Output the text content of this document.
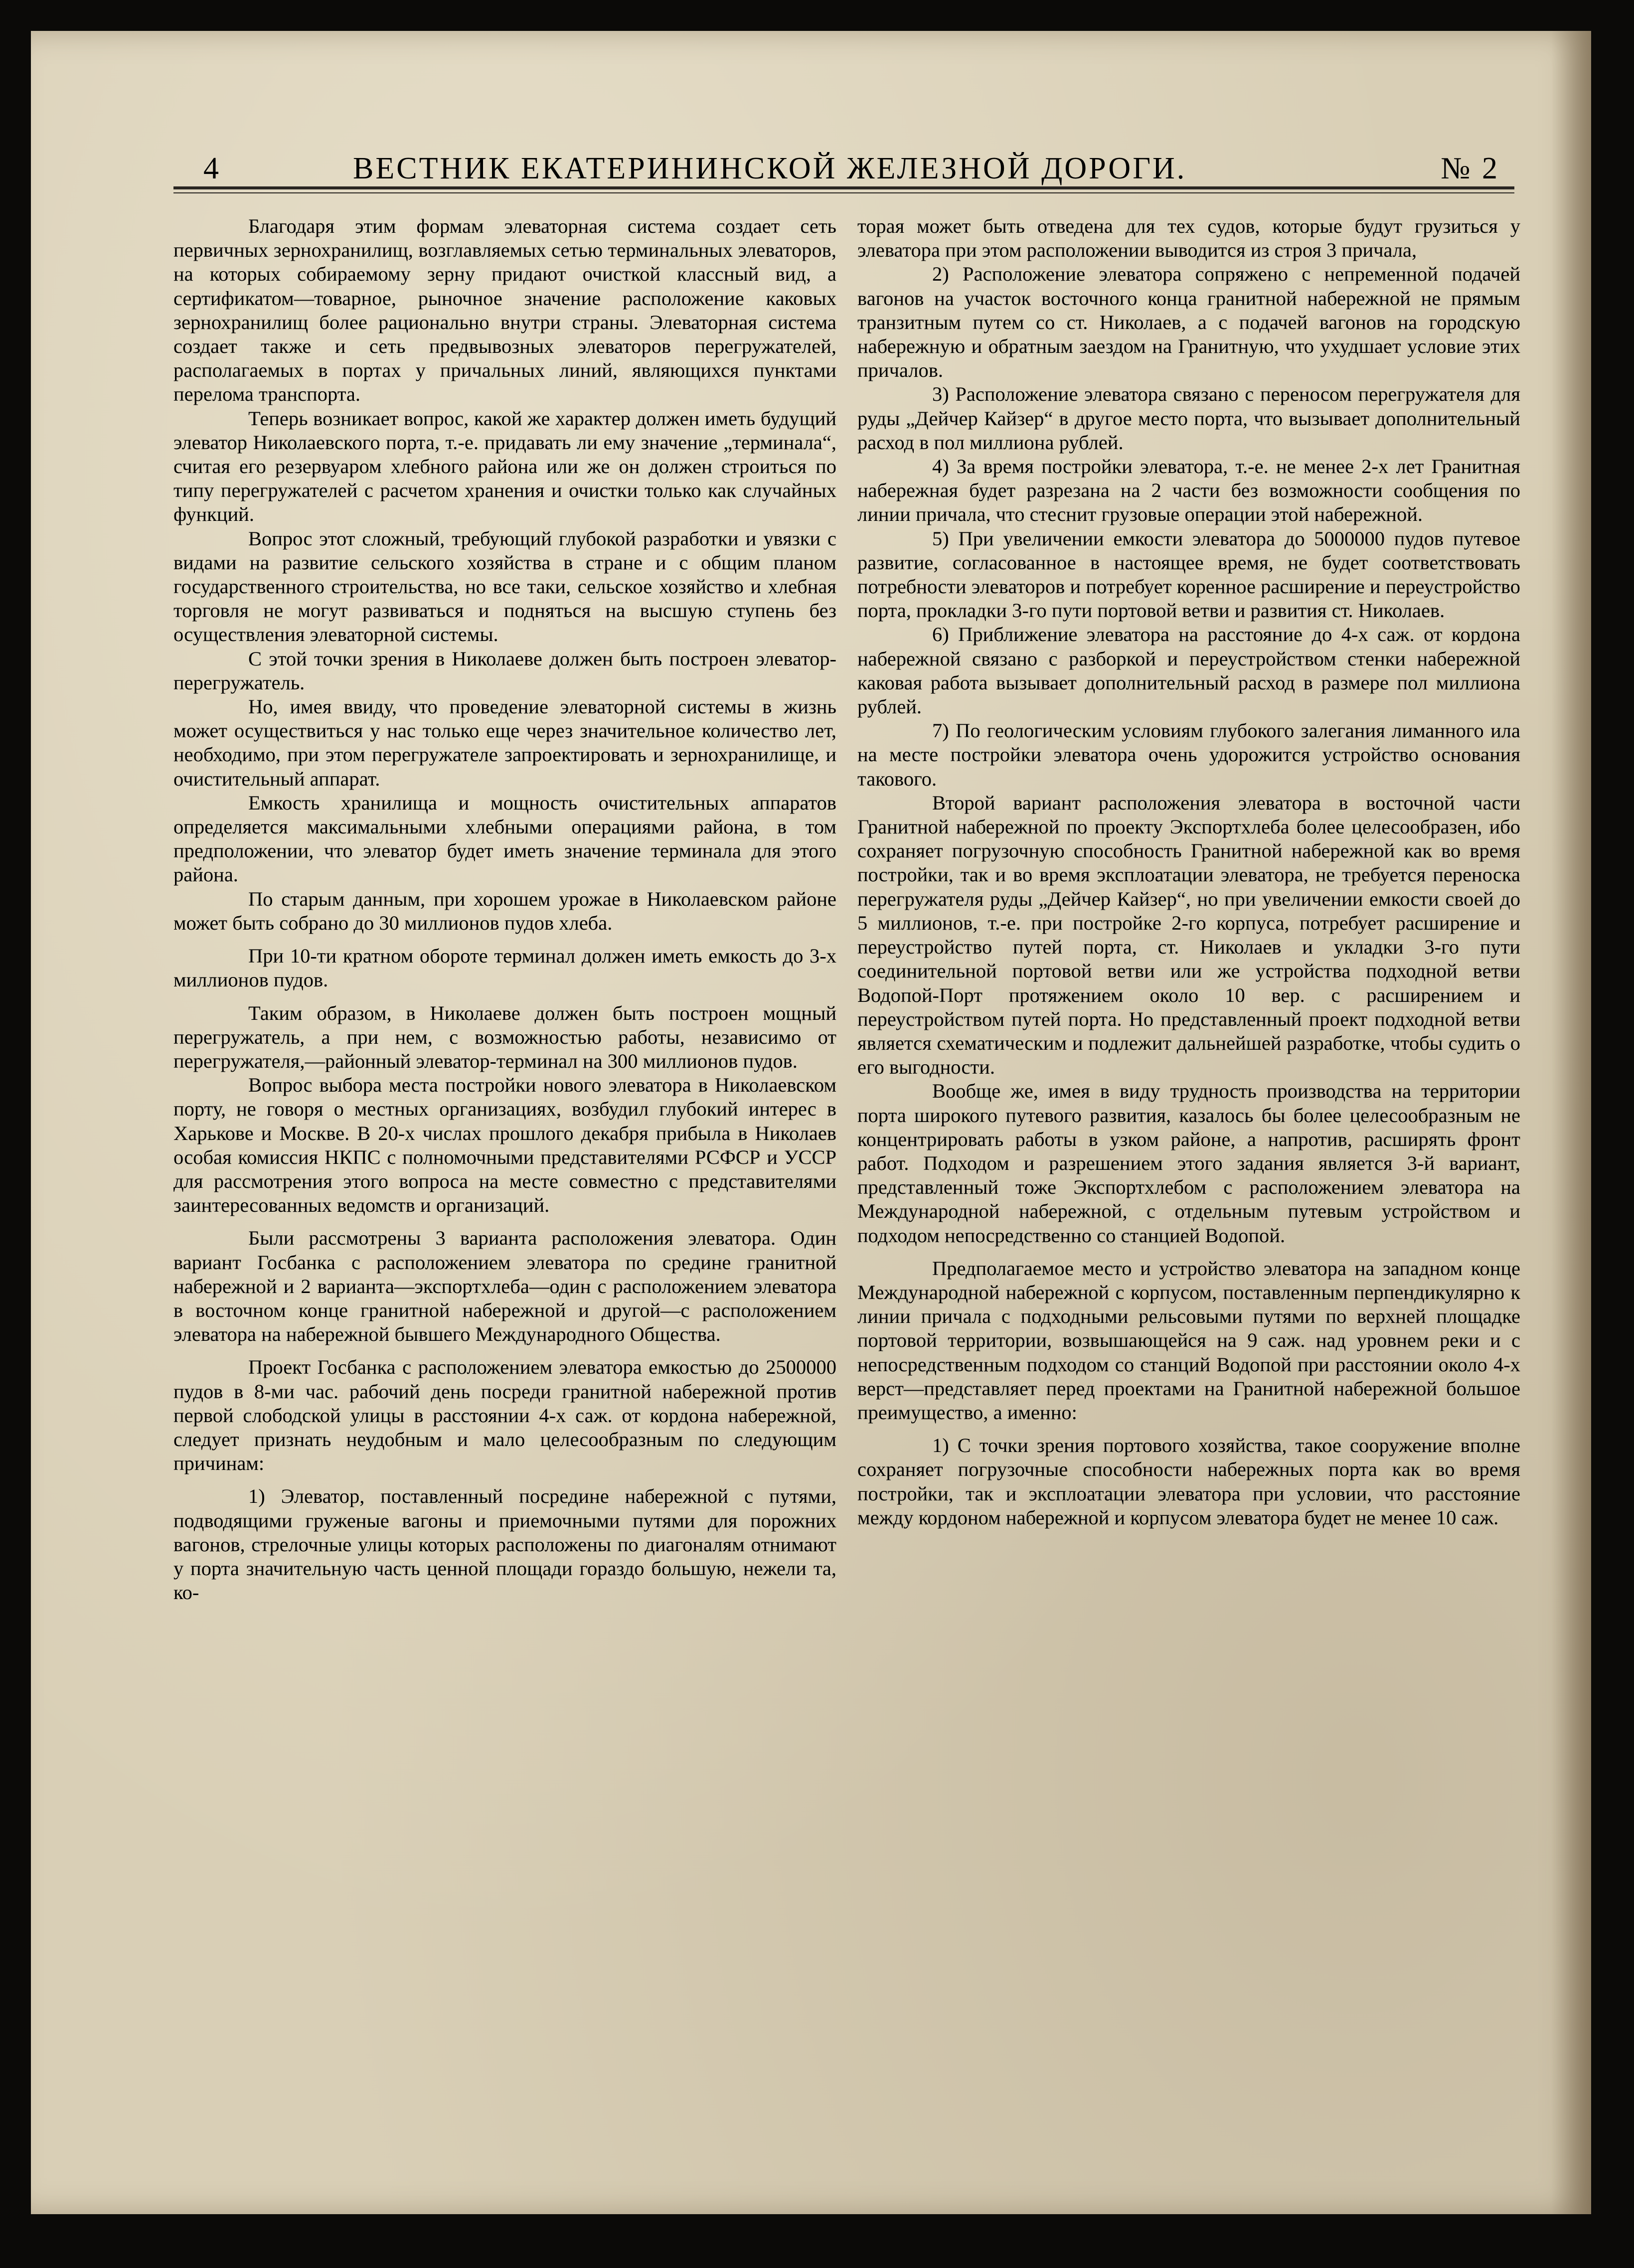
4	ВЕСТНИК ЕКАТЕРИНИНСКОЙ ЖЕЛЕЗНОЙ ДОРОГИ.	№ 2

Благодаря этим формам элеваторная система создает сеть первичных зернохранилищ, возглавляемых сетью терминальных элеваторов, на которых собираемому зерну придают очисткой классный вид, а сертификатом—товарное, рыночное значение расположение каковых зернохранилищ более рационально внутри страны. Элеваторная система создает также и сеть предвывозных элеваторов перегружателей, располагаемых в портах у причальных линий, являющихся пунктами перелома транспорта.

Теперь возникает вопрос, какой же характер должен иметь будущий элеватор Николаевского порта, т.-е. придавать ли ему значение „терминала“, считая его резервуаром хлебного района или же он должен строиться по типу перегружателей с расчетом хранения и очистки только как случайных функций.

Вопрос этот сложный, требующий глубокой разработки и увязки с видами на развитие сельского хозяйства в стране и с общим планом государственного строительства, но все таки, сельское хозяйство и хлебная торговля не могут развиваться и подняться на высшую ступень без осуществления элеваторной системы.

С этой точки зрения в Николаеве должен быть построен элеватор-перегружатель.

Но, имея ввиду, что проведение элеваторной системы в жизнь может осуществиться у нас только еще через значительное количество лет, необходимо, при этом перегружателе запроектировать и зернохранилище, и очистительный аппарат.

Емкость хранилища и мощность очистительных аппаратов определяется максимальными хлебными операциями района, в том предположении, что элеватор будет иметь значение терминала для этого района.

По старым данным, при хорошем урожае в Николаевском районе может быть собрано до 30 миллионов пудов хлеба.

При 10-ти кратном обороте терминал должен иметь емкость до 3-х миллионов пудов.

Таким образом, в Николаеве должен быть построен мощный перегружатель, а при нем, с возможностью работы, независимо от перегружателя,—районный элеватор-терминал на 300 миллионов пудов.

Вопрос выбора места постройки нового элеватора в Николаевском порту, не говоря о местных организациях, возбудил глубокий интерес в Харькове и Москве. В 20-х числах прошлого декабря прибыла в Николаев особая комиссия НКПС с полномочными представителями РСФСР и УССР для рассмотрения этого вопроса на месте совместно с представителями заинтересованных ведомств и организаций.

Были рассмотрены 3 варианта расположения элеватора. Один вариант Госбанка с расположением элеватора по средине гранитной набережной и 2 варианта—экспортхлеба—один с расположением элеватора в восточном конце гранитной набережной и другой—с расположением элеватора на набережной бывшего Международного Общества.

Проект Госбанка с расположением элеватора емкостью до 2500000 пудов в 8-ми час. рабочий день посреди гранитной набережной против первой слободской улицы в расстоянии 4-х саж. от кордона набережной, следует признать неудобным и мало целесообразным по следующим причинам:

1) Элеватор, поставленный посредине набережной с путями, подводящими груженые вагоны и приемочными путями для порожних вагонов, стрелочные улицы которых расположены по диагоналям отнимают у порта значительную часть ценной площади гораздо большую, нежели та, ко-

торая может быть отведена для тех судов, которые будут грузиться у элеватора при этом расположении выводится из строя 3 причала,

2) Расположение элеватора сопряжено с непременной подачей вагонов на участок восточного конца гранитной набережной не прямым транзитным путем со ст. Николаев, а с подачей вагонов на городскую набережную и обратным заездом на Гранитную, что ухудшает условие этих причалов.

3) Расположение элеватора связано с переносом перегружателя для руды „Дейчер Кайзер“ в другое место порта, что вызывает дополнительный расход в пол миллиона рублей.

4) За время постройки элеватора, т.-е. не менее 2-х лет Гранитная набережная будет разрезана на 2 части без возможности сообщения по линии причала, что стеснит грузовые операции этой набережной.

5) При увеличении емкости элеватора до 5000000 пудов путевое развитие, согласованное в настоящее время, не будет соответствовать потребности элеваторов и потребует коренное расширение и переустройство порта, прокладки 3-го пути портовой ветви и развития ст. Николаев.

6) Приближение элеватора на расстояние до 4-х саж. от кордона набережной связано с разборкой и переустройством стенки набережной каковая работа вызывает дополнительный расход в размере пол миллиона рублей.

7) По геологическим условиям глубокого залегания лиманного ила на месте постройки элеватора очень удорожится устройство основания такового.

Второй вариант расположения элеватора в восточной части Гранитной набережной по проекту Экспортхлеба более целесообразен, ибо сохраняет погрузочную способность Гранитной набережной как во время постройки, так и во время эксплоатации элеватора, не требуется переноска перегружателя руды „Дейчер Кайзер“, но при увеличении емкости своей до 5 миллионов, т.-е. при постройке 2-го корпуса, потребует расширение и переустройство путей порта, ст. Николаев и укладки 3-го пути соединительной портовой ветви или же устройства подходной ветви Водопой-Порт протяжением около 10 вер. с расширением и переустройством путей порта. Но представленный проект подходной ветви является схематическим и подлежит дальнейшей разработке, чтобы судить о его выгодности.

Вообще же, имея в виду трудность производства на территории порта широкого путевого развития, казалось бы более целесообразным не концентрировать работы в узком районе, а напротив, расширять фронт работ. Подходом и разрешением этого задания является 3-й вариант, представленный тоже Экспортхлебом с расположением элеватора на Международной набережной, с отдельным путевым устройством и подходом непосредственно со станцией Водопой.

Предполагаемое место и устройство элеватора на западном конце Международной набережной с корпусом, поставленным перпендикулярно к линии причала с подходными рельсовыми путями по верхней площадке портовой территории, возвышающейся на 9 саж. над уровнем реки и с непосредственным подходом со станций Водопой при расстоянии около 4-х верст—представляет перед проектами на Гранитной набережной большое преимущество, а именно:

1) С точки зрения портового хозяйства, такое сооружение вполне сохраняет погрузочные способности набережных порта как во время постройки, так и эксплоатации элеватора при условии, что расстояние между кордоном набережной и корпусом элеватора будет не менее 10 саж.
